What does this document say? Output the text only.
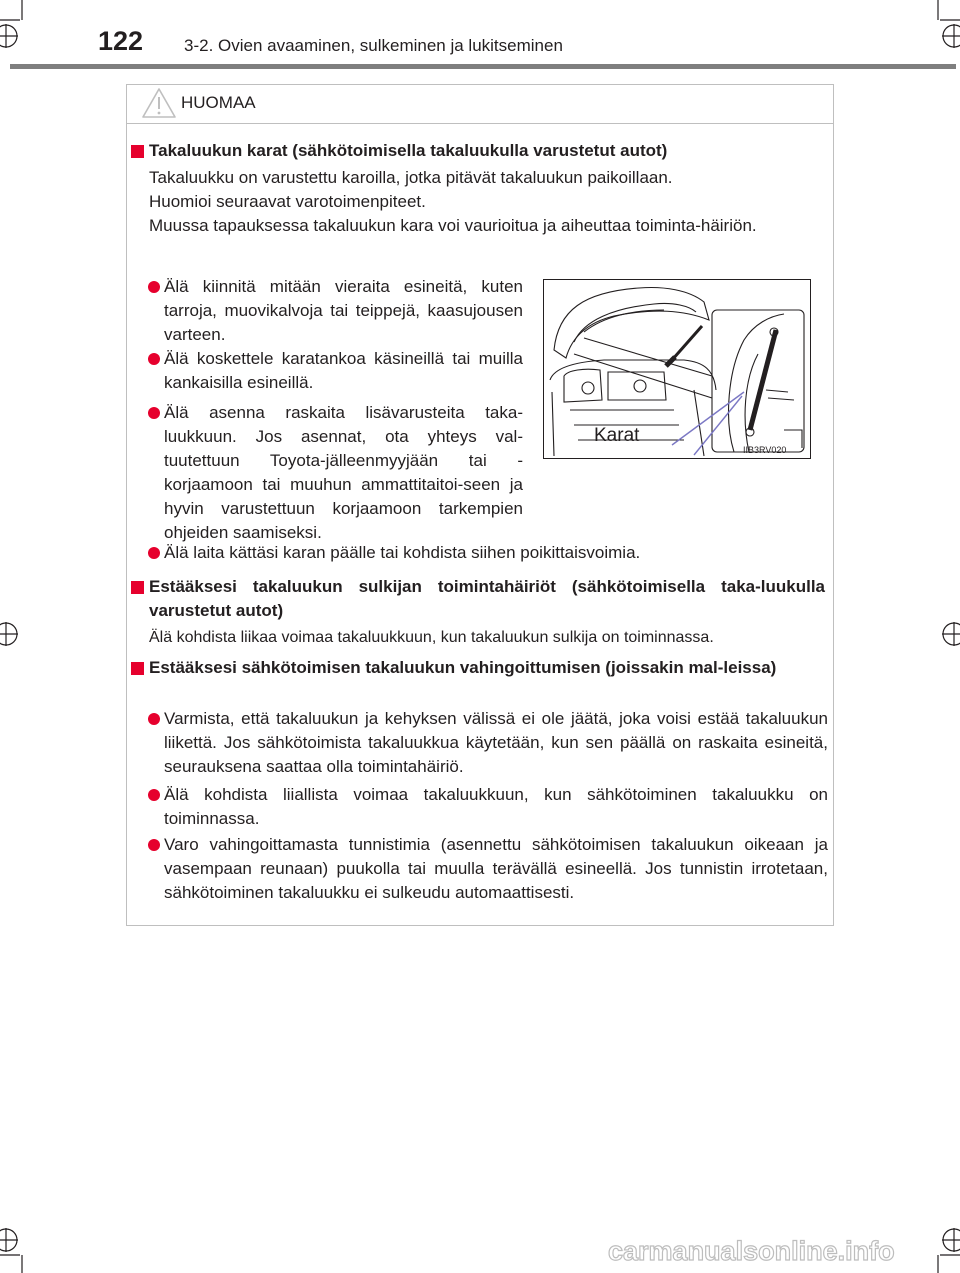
122 3-2. Ovien avaaminen, sulkeminen ja lukitseminen
HUOMAA
Takaluukun karat (sähkötoimisella takaluukulla varustetut autot)
Takaluukku on varustettu karoilla, jotka pitävät takaluukun paikoillaan.
Huomioi seuraavat varotoimenpiteet.
Muussa tapauksessa takaluukun kara voi vaurioitua ja aiheuttaa toiminta-häiriön.
Älä kiinnitä mitään vieraita esineitä, kuten tarroja, muovikalvoja tai teippejä, kaasujousen varteen.
Älä koskettele karatankoa käsineillä tai muilla kankaisilla esineillä.
Älä asenna raskaita lisävarusteita taka-luukkuun. Jos asennat, ota yhteys val-tuutettuun Toyota-jälleenmyyjään tai -korjaamoon tai muuhun ammattitaitoi-seen ja hyvin varustettuun korjaamoon tarkempien ohjeiden saamiseksi.
Älä laita kättäsi karan päälle tai kohdista siihen poikittaisvoimia.
Karat
IIB3RV020
Estääksesi takaluukun sulkijan toimintahäiriöt (sähkötoimisella taka-luukulla varustetut autot)
Älä kohdista liikaa voimaa takaluukkuun, kun takaluukun sulkija on toiminnassa.
Estääksesi sähkötoimisen takaluukun vahingoittumisen (joissakin mal-leissa)
Varmista, että takaluukun ja kehyksen välissä ei ole jäätä, joka voisi estää takaluukun liikettä. Jos sähkötoimista takaluukkua käytetään, kun sen päällä on raskaita esineitä, seurauksena saattaa olla toimintahäiriö.
Älä kohdista liiallista voimaa takaluukkuun, kun sähkötoiminen takaluukku on toiminnassa.
Varo vahingoittamasta tunnistimia (asennettu sähkötoimisen takaluukun oikeaan ja vasempaan reunaan) puukolla tai muulla terävällä esineellä. Jos tunnistin irrotetaan, sähkötoiminen takaluukku ei sulkeudu automaattisesti.
carmanualsonline.info
